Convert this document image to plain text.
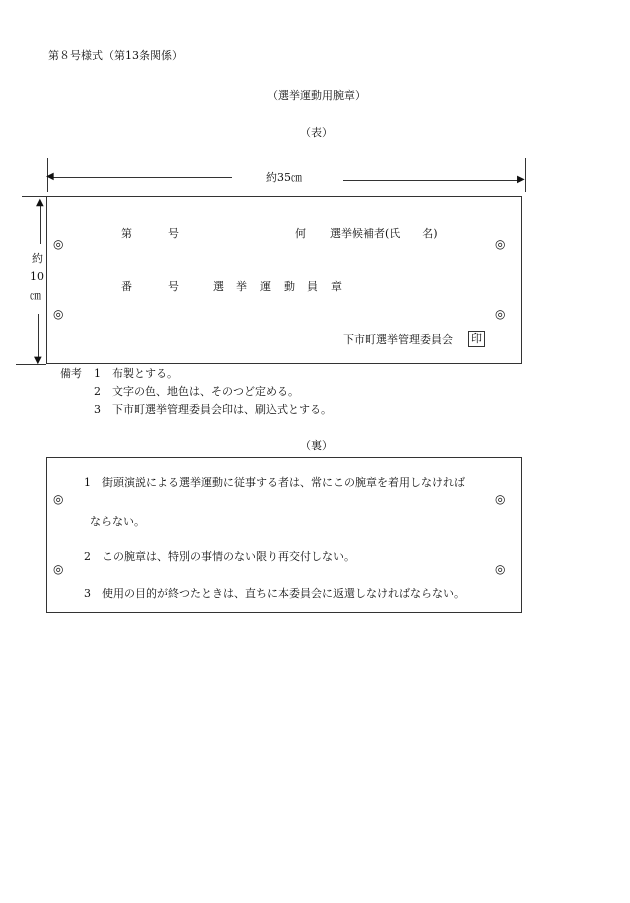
第８号様式（第13条関係）
（選挙運動用腕章）
（表）
◀	▶
約35㎝
▲
▼
約
10
㎝
◎	◎
◎	◎
第	号	何 選挙候補者(氏　　名)
番	号	選 挙 運 動 員 章
下市町選挙管理委員会 印
備考 1 布製とする。
2 文字の色、地色は、そのつど定める。
3 下市町選挙管理委員会印は、刷込式とする。
（裏）
◎	◎
◎	◎
1 街頭演説による選挙運動に従事する者は、常にこの腕章を着用しなければ
ならない。
2 この腕章は、特別の事情のない限り再交付しない。
3 使用の目的が終つたときは、直ちに本委員会に返還しなければならない。
